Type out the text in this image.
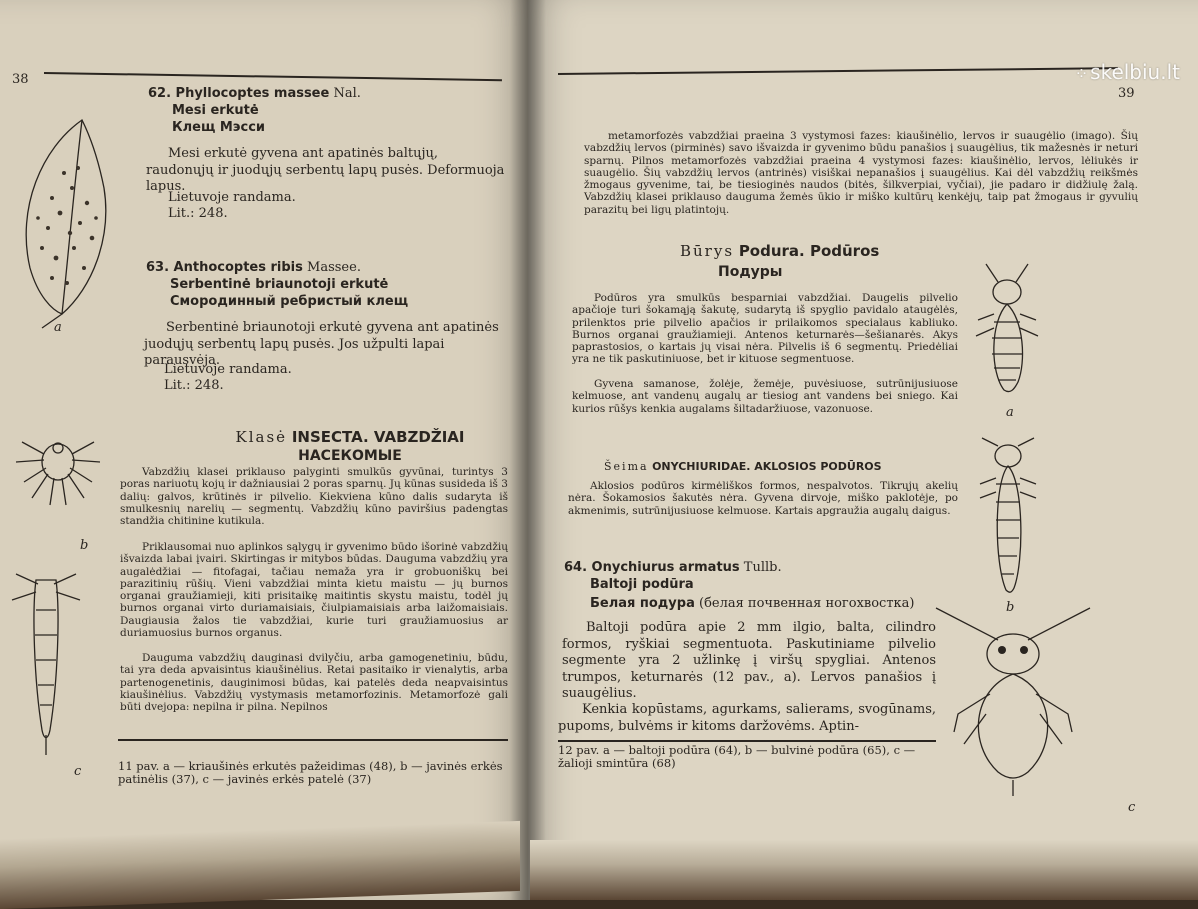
38
62. Phyllocoptes massee Nal.
Mesi erkutė
Клещ Мэсси
Mesi erkutė gyvena ant apatinės baltųjų, raudonųjų ir juodųjų serbentų lapų pusės. Deformuoja lapus.
Lietuvoje randama.
Lit.: 248.
63. Anthocoptes ribis Massee.
Serbentinė briaunotoji erkutė
Смородинный ребристый клещ
Serbentinė briaunotoji erkutė gyvena ant apatinės juodųjų serbentų lapų pusės. Jos užpulti lapai parausvėja.
Lietuvoje randama.
Lit.: 248.
Klasė INSECTA. VABZDŽIAI
НАСЕКОМЫЕ
Vabzdžių klasei priklauso palyginti smulkūs gyvūnai, turintys 3 poras nariuotų kojų ir dažniausiai 2 poras sparnų. Jų kūnas susideda iš 3 dalių: galvos, krūtinės ir pilvelio. Kiekviena kūno dalis sudaryta iš smulkesnių narelių — segmentų. Vabzdžių kūno paviršius padengtas standžia chitinine kutikula.
Priklausomai nuo aplinkos sąlygų ir gyvenimo būdo išorinė vabzdžių išvaizda labai įvairi. Skirtingas ir mitybos būdas. Dauguma vabzdžių yra augalėdžiai — fitofagai, tačiau nemaža yra ir grobuoniškų bei parazitinių rūšių. Vieni vabzdžiai minta kietu maistu — jų burnos organai graužiamieji, kiti prisitaikę maitintis skystu maistu, todėl jų burnos organai virto duriamaisiais, čiulpiamaisiais arba laižomaisiais. Daugiausia žalos tie vabzdžiai, kurie turi graužiamuosius ar duriamuosius burnos organus.
Dauguma vabzdžių dauginasi dvilyčiu, arba gamogenetiniu, būdu, tai yra deda apvaisintus kiaušinėlius. Retai pasitaiko ir vienalytis, arba partenogenetinis, dauginimosi būdas, kai patelės deda neapvaisintus kiaušinėlius. Vabzdžių vystymasis metamorfozinis. Metamorfozė gali būti dvejopa: nepilna ir pilna. Nepilnos
11 pav. a — kriaušinės erkutės pažeidimas (48), b — javinės erkės patinėlis (37), c — javinės erkės patelė (37)
a
b
c
39
metamorfozės vabzdžiai praeina 3 vystymosi fazes: kiaušinėlio, lervos ir suaugėlio (imago). Šių vabzdžių lervos (pirminės) savo išvaizda ir gyvenimo būdu panašios į suaugėlius, tik mažesnės ir neturi sparnų. Pilnos metamorfozės vabzdžiai praeina 4 vystymosi fazes: kiaušinėlio, lervos, lėliukės ir suaugėlio. Šių vabzdžių lervos (antrinės) visiškai nepanašios į suaugėlius. Kai dėl vabzdžių reikšmės žmogaus gyvenime, tai, be tiesioginės naudos (bitės, šilkverpiai, vyčiai), jie padaro ir didžiulę žalą. Vabzdžių klasei priklauso dauguma žemės ūkio ir miško kultūrų kenkėjų, taip pat žmogaus ir gyvulių parazitų bei ligų platintojų.
Būrys Podura. Podūros
Подуры
Podūros yra smulkūs besparniai vabzdžiai. Daugelis pilvelio apačioje turi šokamąją šakutę, sudarytą iš spyglio pavidalo ataugėlės, prilenktos prie pilvelio apačios ir prilaikomos specialaus kabliuko. Burnos organai graužiamieji. Antenos keturnarės—šešianarės. Akys paprastosios, o kartais jų visai nėra. Pilvelis iš 6 segmentų. Priedėliai yra ne tik paskutiniuose, bet ir kituose segmentuose.
Gyvena samanose, žolėje, žemėje, puvėsiuose, sutrūnijusiuose kelmuose, ant vandenų augalų ar tiesiog ant vandens bei sniego. Kai kurios rūšys kenkia augalams šiltadaržiuose, vazonuose.
Šeima ONYCHIURIDAE. AKLOSIOS PODŪROS
Aklosios podūros kirmėliškos formos, nespalvotos. Tikrųjų akelių nėra. Šokamosios šakutės nėra. Gyvena dirvoje, miško paklotėje, po akmenimis, sutrūnijusiuose kelmuose. Kartais apgraužia augalų daigus.
64. Onychiurus armatus Tullb.
Baltoji podūra
Белая подура (белая почвенная ногохвостка)
Baltoji podūra apie 2 mm ilgio, balta, cilindro formos, ryškiai segmentuota. Paskutiniame pilvelio segmente yra 2 užlinkę į viršų spygliai. Antenos trumpos, keturnarės (12 pav., a). Lervos panašios į suaugėlius.
Kenkia kopūstams, agurkams, salierams, svogūnams, pupoms, bulvėms ir kitoms daržovėms. Aptin-
12 pav. a — baltoji podūra (64), b — bulvinė podūra (65), c — žalioji smintūra (68)
a
b
c
⁘ skelbiu.lt
